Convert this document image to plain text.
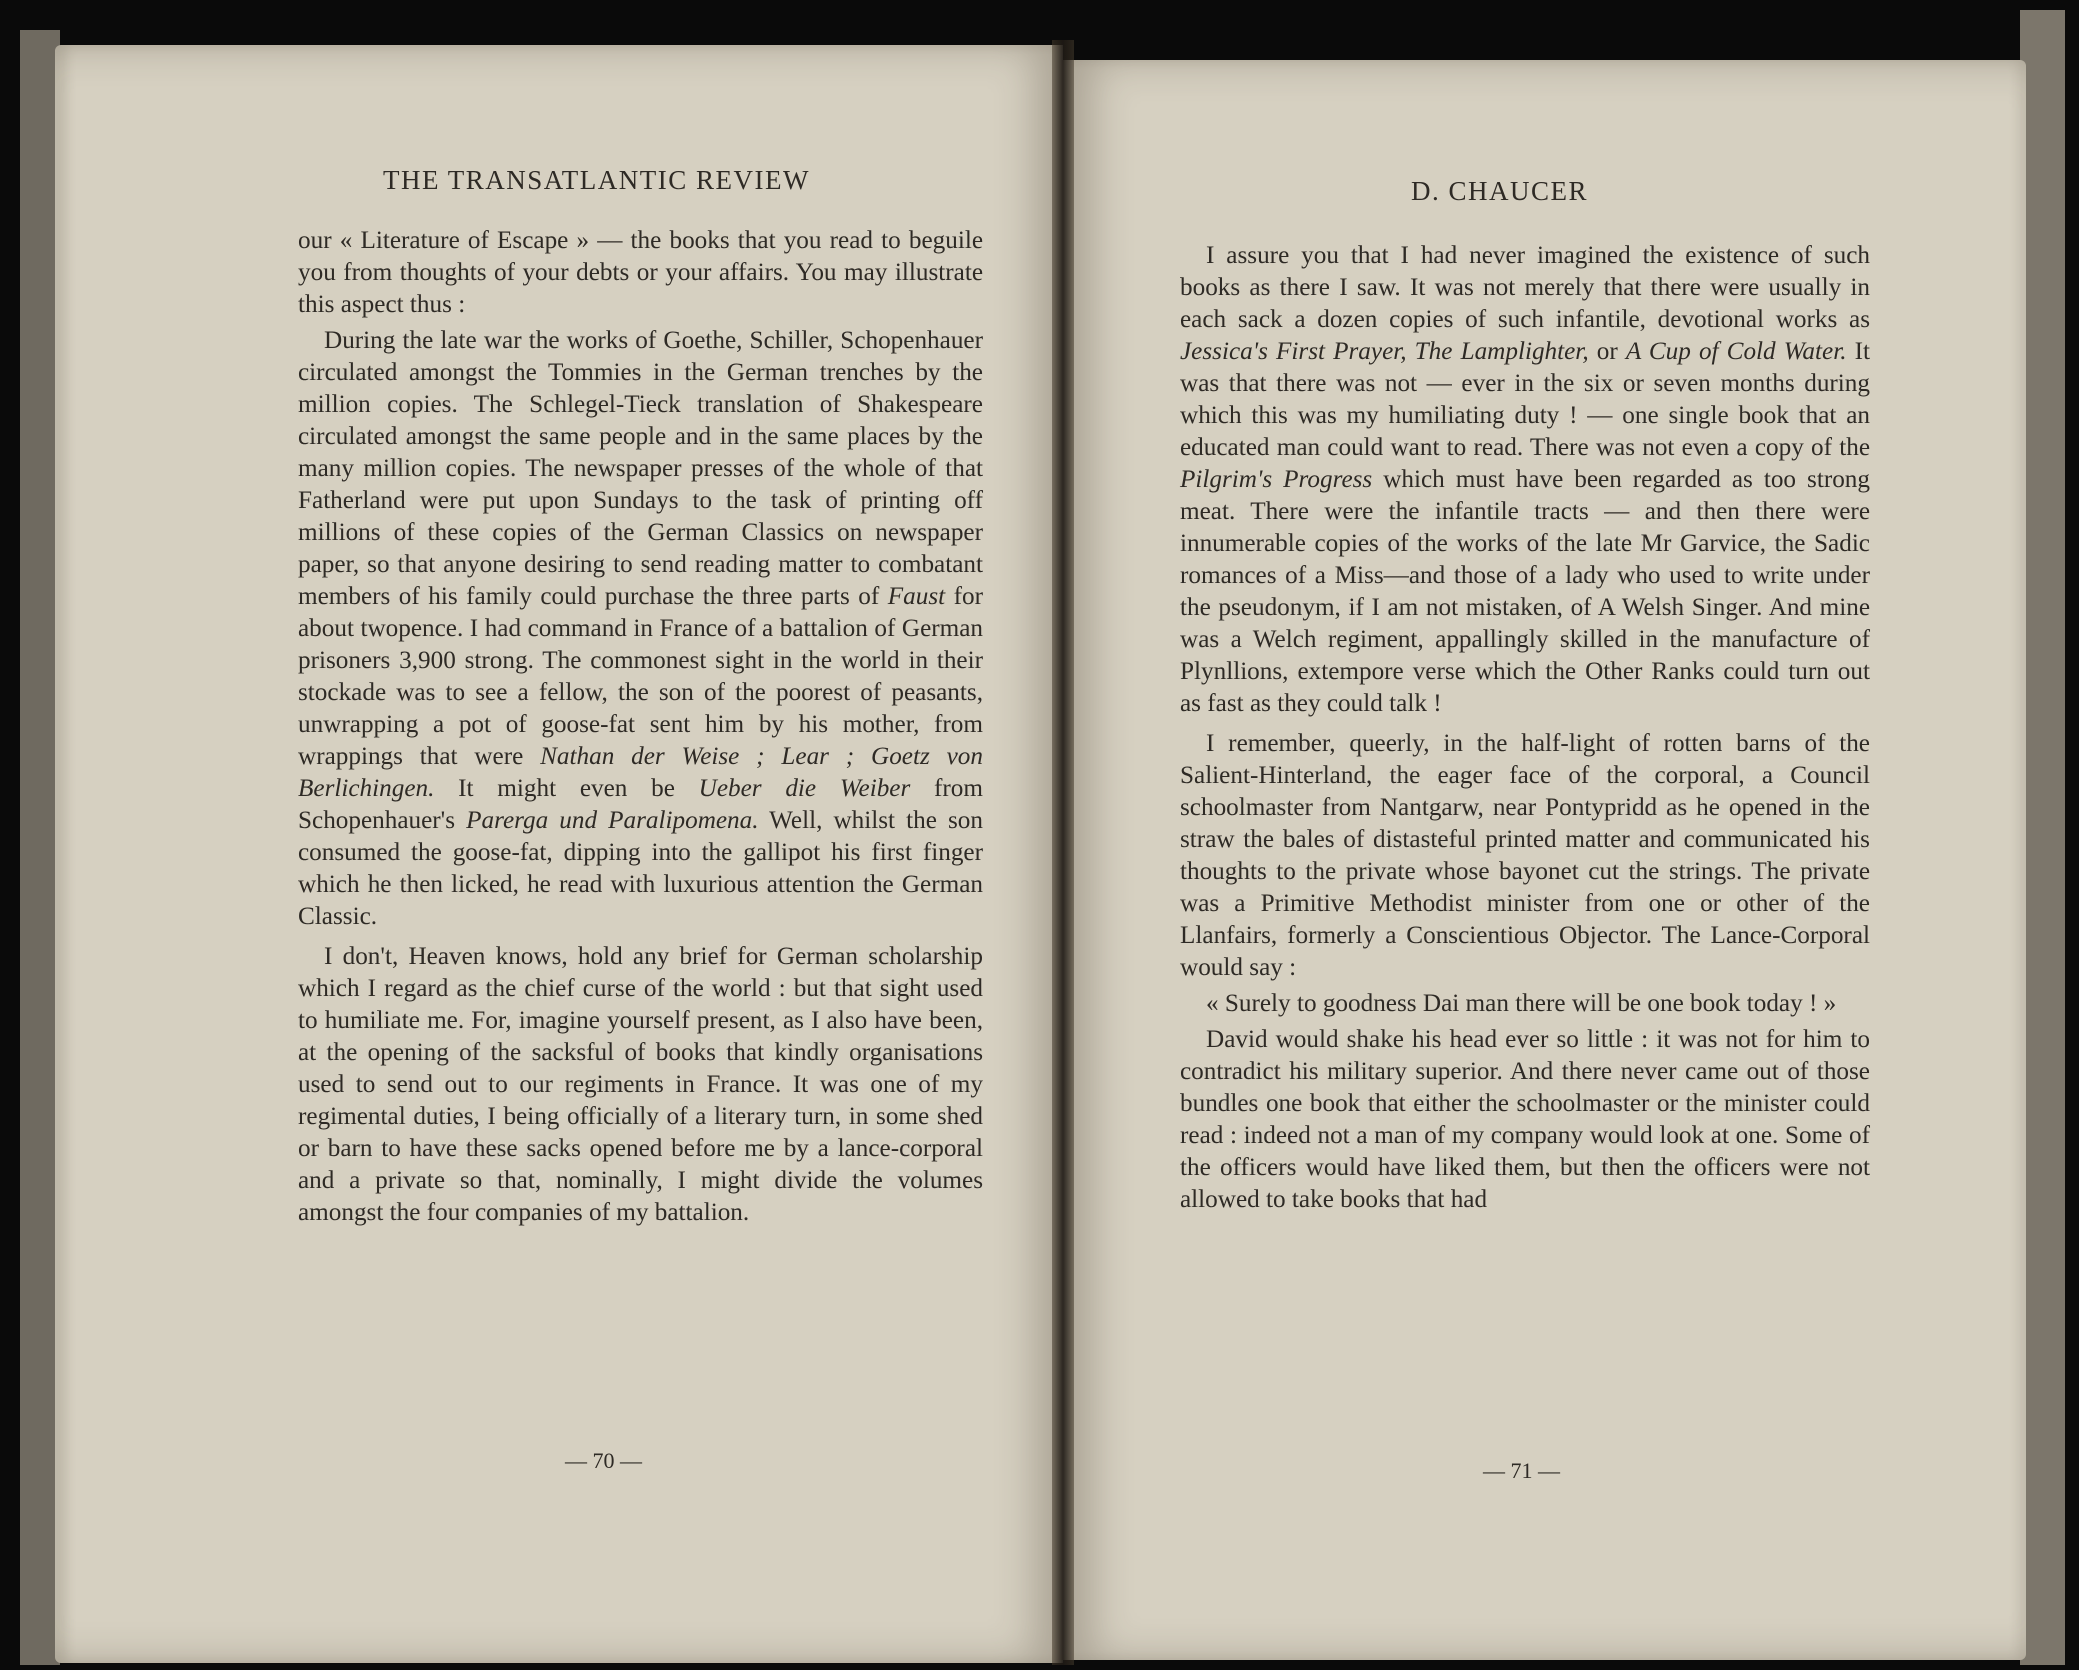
THE TRANSATLANTIC REVIEW

our « Literature of Escape » — the books that you read to beguile you from thoughts of your debts or your affairs. You may illustrate this aspect thus :

During the late war the works of Goethe, Schiller, Schopenhauer circulated amongst the Tommies in the German trenches by the million copies. The Schlegel-Tieck translation of Shakespeare circulated amongst the same people and in the same places by the many million copies. The newspaper presses of the whole of that Fatherland were put upon Sundays to the task of printing off millions of these copies of the German Classics on newspaper paper, so that anyone desiring to send reading matter to combatant members of his family could purchase the three parts of Faust for about twopence. I had command in France of a battalion of German prisoners 3,900 strong. The commonest sight in the world in their stockade was to see a fellow, the son of the poorest of peasants, unwrapping a pot of goose-fat sent him by his mother, from wrappings that were Nathan der Weise ; Lear ; Goetz von Berlichingen. It might even be Ueber die Weiber from Schopenhauer's Parerga und Paralipomena. Well, whilst the son consumed the goose-fat, dipping into the gallipot his first finger which he then licked, he read with luxurious attention the German Classic.

I don't, Heaven knows, hold any brief for German scholarship which I regard as the chief curse of the world : but that sight used to humiliate me. For, imagine yourself present, as I also have been, at the opening of the sacksful of books that kindly organisations used to send out to our regiments in France. It was one of my regimental duties, I being officially of a literary turn, in some shed or barn to have these sacks opened before me by a lance-corporal and a private so that, nominally, I might divide the volumes amongst the four companies of my battalion.

— 70 —
D. CHAUCER

I assure you that I had never imagined the existence of such books as there I saw. It was not merely that there were usually in each sack a dozen copies of such infantile, devotional works as Jessica's First Prayer, The Lamplighter, or A Cup of Cold Water. It was that there was not — ever in the six or seven months during which this was my humiliating duty ! — one single book that an educated man could want to read. There was not even a copy of the Pilgrim's Progress which must have been regarded as too strong meat. There were the infantile tracts — and then there were innumerable copies of the works of the late Mr Garvice, the Sadic romances of a Miss—and those of a lady who used to write under the pseudonym, if I am not mistaken, of A Welsh Singer. And mine was a Welch regiment, appallingly skilled in the manufacture of Plynllions, extempore verse which the Other Ranks could turn out as fast as they could talk !

I remember, queerly, in the half-light of rotten barns of the Salient-Hinterland, the eager face of the corporal, a Council schoolmaster from Nantgarw, near Pontypridd as he opened in the straw the bales of distasteful printed matter and communicated his thoughts to the private whose bayonet cut the strings. The private was a Primitive Methodist minister from one or other of the Llanfairs, formerly a Conscientious Objector. The Lance-Corporal would say :

« Surely to goodness Dai man there will be one book today ! »

David would shake his head ever so little : it was not for him to contradict his military superior. And there never came out of those bundles one book that either the schoolmaster or the minister could read : indeed not a man of my company would look at one. Some of the officers would have liked them, but then the officers were not allowed to take books that had

— 71 —
